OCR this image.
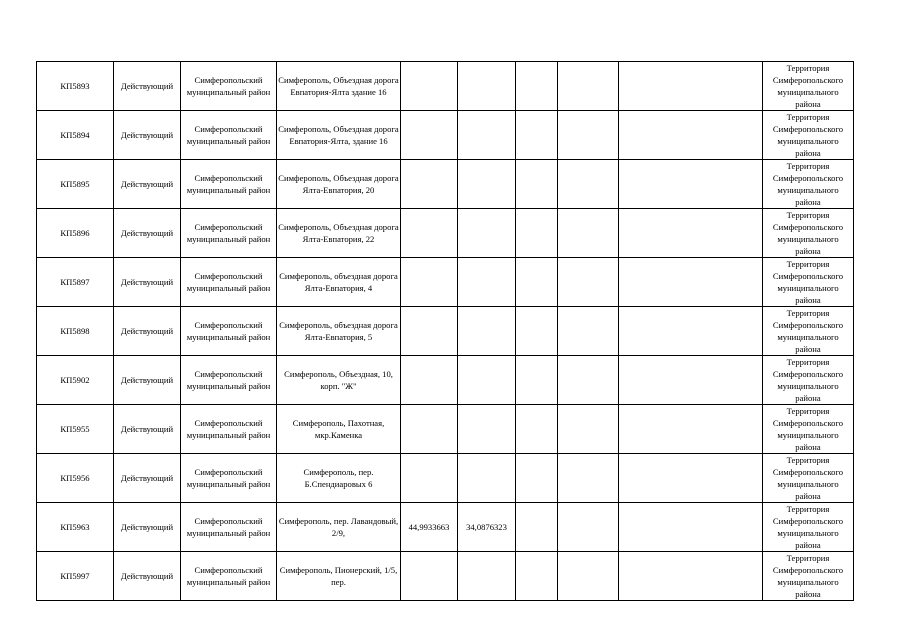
КП5893	Действующий	Симферопольский муниципальный район	Симферополь, Объездная дорога Евпатория-Ялта здание 16						Территория Симферопольского муниципального района
КП5894	Действующий	Симферопольский муниципальный район	Симферополь, Объездная дорога Евпатория-Ялта, здание 16						Территория Симферопольского муниципального района
КП5895	Действующий	Симферопольский муниципальный район	Симферополь, Объездная дорога Ялта-Евпатория, 20						Территория Симферопольского муниципального района
КП5896	Действующий	Симферопольский муниципальный район	Симферополь, Объездная дорога Ялта-Евпатория, 22						Территория Симферопольского муниципального района
КП5897	Действующий	Симферопольский муниципальный район	Симферополь, объездная дорога Ялта-Евпатория, 4						Территория Симферопольского муниципального района
КП5898	Действующий	Симферопольский муниципальный район	Симферополь, объездная дорога Ялта-Евпатория, 5						Территория Симферопольского муниципального района
КП5902	Действующий	Симферопольский муниципальный район	Симферополь, Объездная, 10, корп. "Ж"						Территория Симферопольского муниципального района
КП5955	Действующий	Симферопольский муниципальный район	Симферополь, Пахотная, мкр.Каменка						Территория Симферопольского муниципального района
КП5956	Действующий	Симферопольский муниципальный район	Симферополь, пер. Б.Спендиаровых 6						Территория Симферопольского муниципального района
КП5963	Действующий	Симферопольский муниципальный район	Симферополь, пер. Лавандовый, 2/9,	44,9933663	34,0876323				Территория Симферопольского муниципального района
КП5997	Действующий	Симферопольский муниципальный район	Симферополь, Пионерский, 1/5, пер.						Территория Симферопольского муниципального района
